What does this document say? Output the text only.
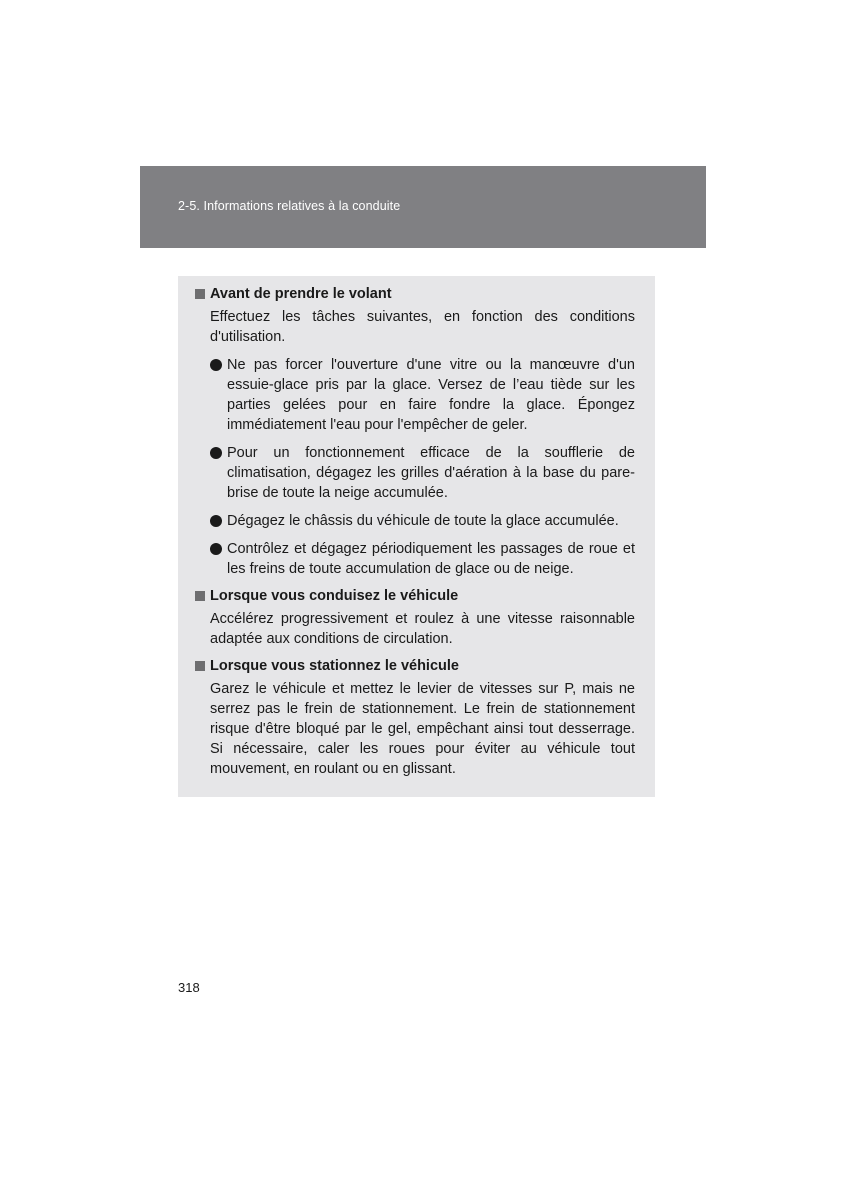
2-5. Informations relatives à la conduite
Avant de prendre le volant
Effectuez les tâches suivantes, en fonction des conditions d'utilisation.
Ne pas forcer l'ouverture d'une vitre ou la manœuvre d'un essuie-glace pris par la glace. Versez de l’eau tiède sur les parties gelées pour en faire fondre la glace. Épongez immédiatement l'eau pour l'empêcher de geler.
Pour un fonctionnement efficace de la soufflerie de climatisation, dégagez les grilles d'aération à la base du pare-brise de toute la neige accumulée.
Dégagez le châssis du véhicule de toute la glace accumulée.
Contrôlez et dégagez périodiquement les passages de roue et les freins de toute accumulation de glace ou de neige.
Lorsque vous conduisez le véhicule
Accélérez progressivement et roulez à une vitesse raisonnable adaptée aux conditions de circulation.
Lorsque vous stationnez le véhicule
Garez le véhicule et mettez le levier de vitesses sur P, mais ne serrez pas le frein de stationnement. Le frein de stationnement risque d'être bloqué par le gel, empêchant ainsi tout desserrage. Si nécessaire, caler les roues pour éviter au véhicule tout mouvement, en roulant ou en glissant.
318
